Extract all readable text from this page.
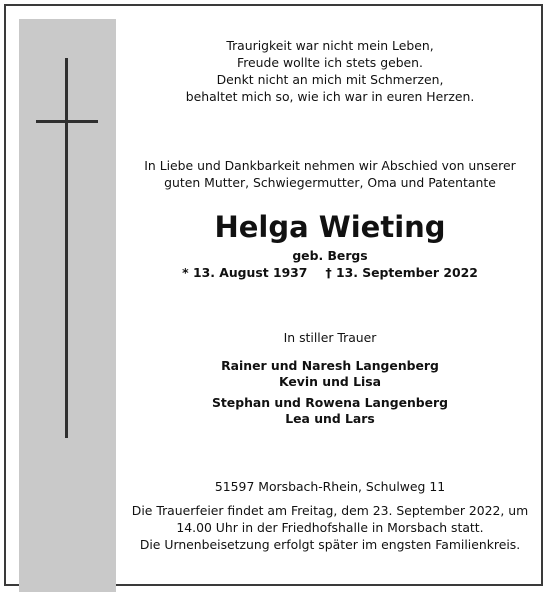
Traurigkeit war nicht mein Leben,
Freude wollte ich stets geben.
Denkt nicht an mich mit Schmerzen,
behaltet mich so, wie ich war in euren Herzen.
In Liebe und Dankbarkeit nehmen wir Abschied von unserer
guten Mutter, Schwiegermutter, Oma und Patentante
Helga Wieting
geb. Bergs
* 13. August 1937 † 13. September 2022
In stiller Trauer
Rainer und Naresh Langenberg
Kevin und Lisa
Stephan und Rowena Langenberg
Lea und Lars
51597 Morsbach-Rhein, Schulweg 11
Die Trauerfeier findet am Freitag, dem 23. September 2022, um
14.00 Uhr in der Friedhofshalle in Morsbach statt.
Die Urnenbeisetzung erfolgt später im engsten Familienkreis.
